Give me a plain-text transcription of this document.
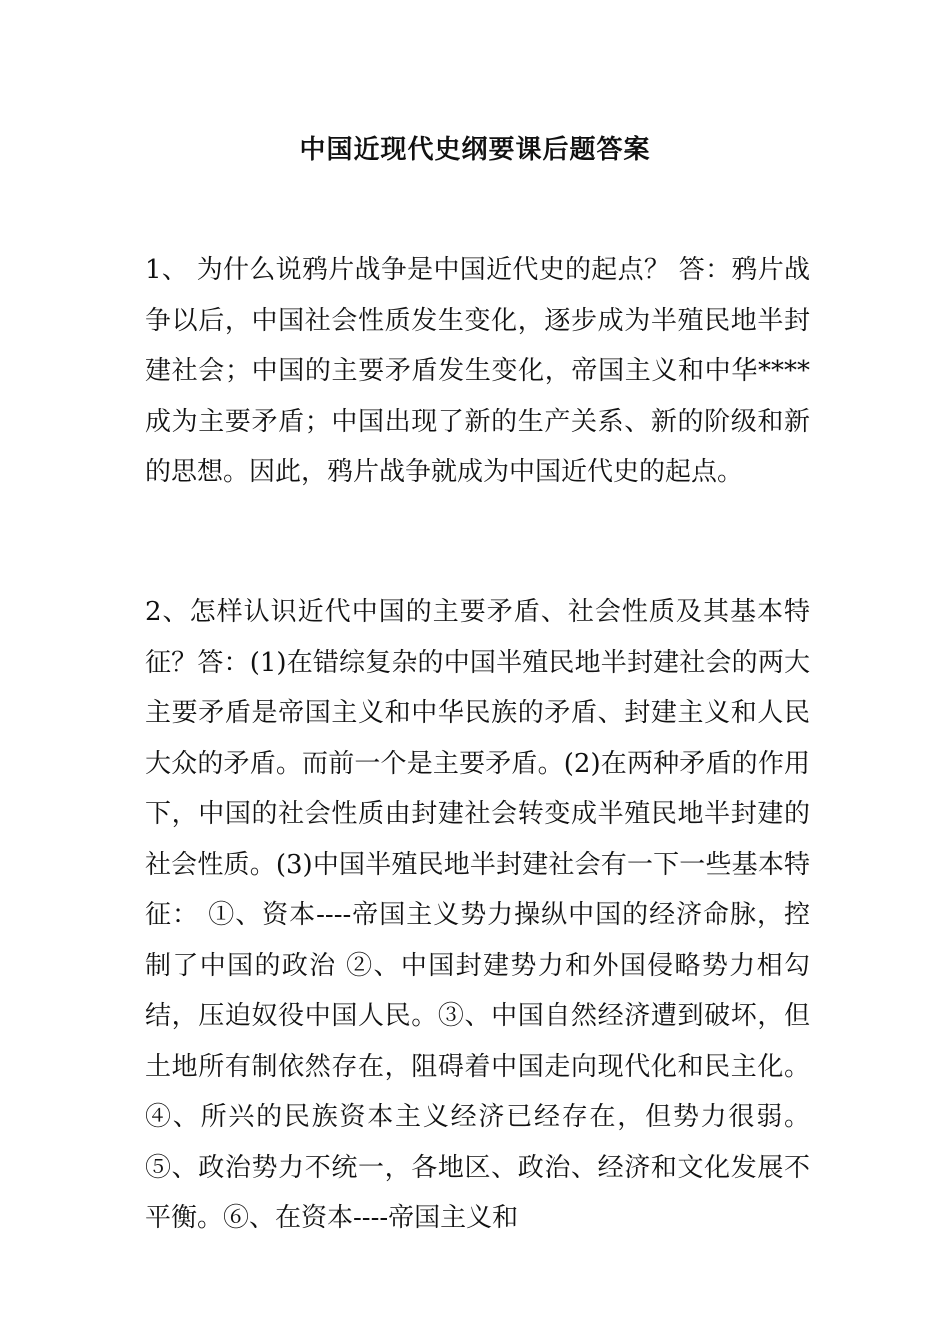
中国近现代史纲要课后题答案
1、 为什么说鸦片战争是中国近代史的起点？ 答：鸦片战争以后，中国社会性质发生变化，逐步成为半殖民地半封建社会；中国的主要矛盾发生变化，帝国主义和中华****成为主要矛盾；中国出现了新的生产关系、新的阶级和新的思想。因此，鸦片战争就成为中国近代史的起点。
2、怎样认识近代中国的主要矛盾、社会性质及其基本特征？答：(1)在错综复杂的中国半殖民地半封建社会的两大主要矛盾是帝国主义和中华民族的矛盾、封建主义和人民大众的矛盾。而前一个是主要矛盾。(2)在两种矛盾的作用下，中国的社会性质由封建社会转变成半殖民地半封建的社会性质。(3)中国半殖民地半封建社会有一下一些基本特征： ①、资本----帝国主义势力操纵中国的经济命脉，控制了中国的政治 ②、中国封建势力和外国侵略势力相勾结，压迫奴役中国人民。③、中国自然经济遭到破坏，但土地所有制依然存在，阻碍着中国走向现代化和民主化。④、所兴的民族资本主义经济已经存在，但势力很弱。⑤、政治势力不统一，各地区、政治、经济和文化发展不平衡。⑥、在资本----帝国主义和
